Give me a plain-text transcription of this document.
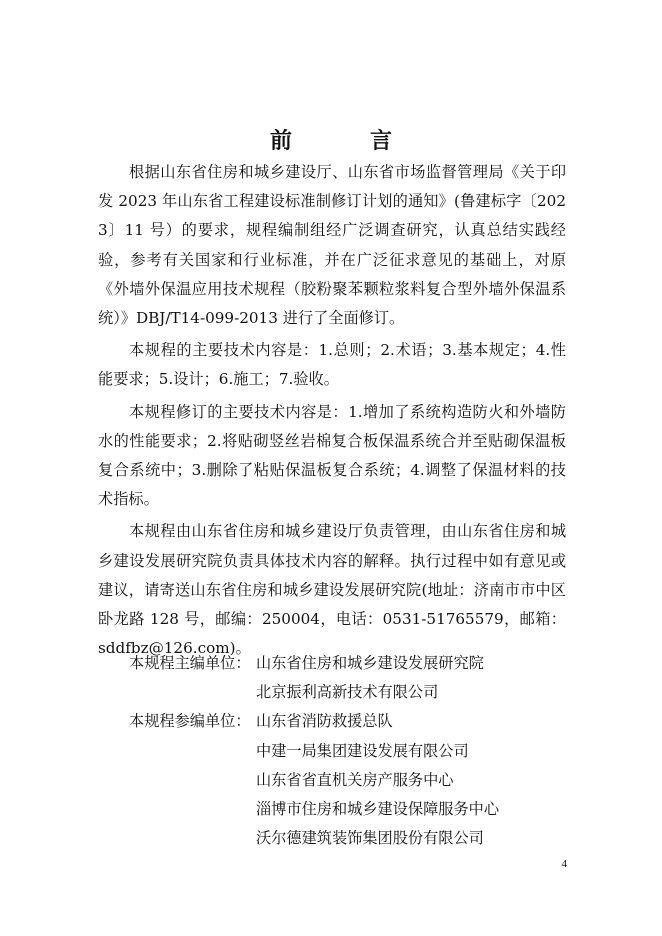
前　言

根据山东省住房和城乡建设厅、山东省市场监督管理局《关于印发 2023 年山东省工程建设标准制修订计划的通知》(鲁建标字〔2023〕11 号）的要求，规程编制组经广泛调查研究，认真总结实践经验，参考有关国家和行业标准，并在广泛征求意见的基础上，对原《外墙外保温应用技术规程（胶粉聚苯颗粒浆料复合型外墙外保温系统）》DBJ/T14-099-2013 进行了全面修订。

本规程的主要技术内容是：1.总则；2.术语；3.基本规定；4.性能要求；5.设计；6.施工；7.验收。

本规程修订的主要技术内容是：1.增加了系统构造防火和外墙防水的性能要求；2.将贴砌竖丝岩棉复合板保温系统合并至贴砌保温板复合系统中；3.删除了粘贴保温板复合系统；4.调整了保温材料的技术指标。

本规程由山东省住房和城乡建设厅负责管理，由山东省住房和城乡建设发展研究院负责具体技术内容的解释。执行过程中如有意见或建议，请寄送山东省住房和城乡建设发展研究院(地址：济南市市中区卧龙路 128 号，邮编：250004，电话：0531-51765579，邮箱：sddfbz@126.com)。

本规程主编单位： 山东省住房和城乡建设发展研究院
北京振利高新技术有限公司
本规程参编单位： 山东省消防救援总队
中建一局集团建设发展有限公司
山东省省直机关房产服务中心
淄博市住房和城乡建设保障服务中心
沃尔德建筑装饰集团股份有限公司
4
